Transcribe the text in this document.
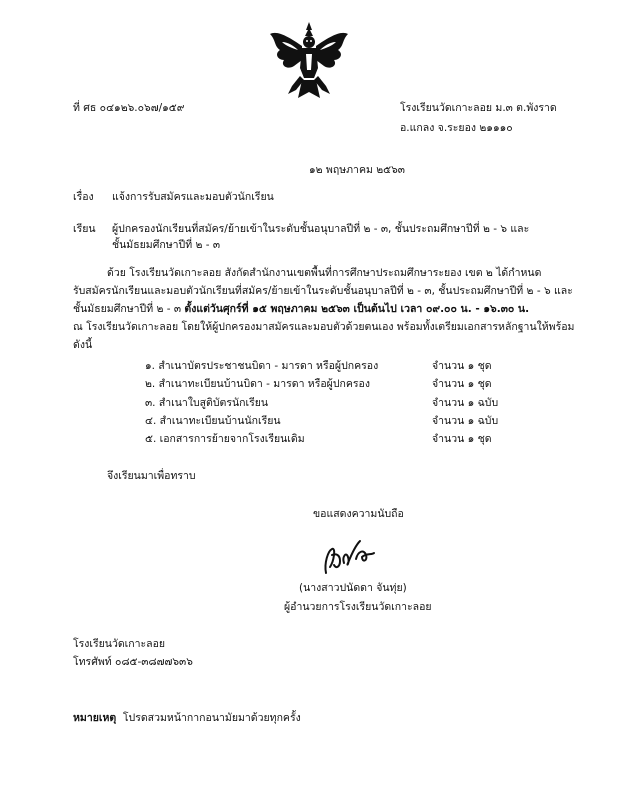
ที่ ศธ ๐๔๑๒๖.๐๖๗/๑๕๙	โรงเรียนวัดเกาะลอย ม.๓ ต.พังราด
อ.แกลง จ.ระยอง ๒๑๑๑๐
๑๒ พฤษภาคม ๒๕๖๓
เรื่อง แจ้งการรับสมัครและมอบตัวนักเรียน
เรียน ผู้ปกครองนักเรียนที่สมัคร/ย้ายเข้าในระดับชั้นอนุบาลปีที่ ๒ - ๓, ชั้นประถมศึกษาปีที่ ๒ - ๖ และ
ชั้นมัธยมศึกษาปีที่ ๒ - ๓
ด้วย โรงเรียนวัดเกาะลอย สังกัดสำนักงานเขตพื้นที่การศึกษาประถมศึกษาระยอง เขต ๒ ได้กำหนด
รับสมัครนักเรียนและมอบตัวนักเรียนที่สมัคร/ย้ายเข้าในระดับชั้นอนุบาลปีที่ ๒ - ๓, ชั้นประถมศึกษาปีที่ ๒ - ๖ และ
ชั้นมัธยมศึกษาปีที่ ๒ - ๓ ตั้งแต่วันศุกร์ที่ ๑๕ พฤษภาคม ๒๕๖๓ เป็นต้นไป เวลา ๐๙.๐๐ น. - ๑๖.๓๐ น.
ณ โรงเรียนวัดเกาะลอย โดยให้ผู้ปกครองมาสมัครและมอบตัวด้วยตนเอง พร้อมทั้งเตรียมเอกสารหลักฐานให้พร้อม
ดังนี้
๑. สำเนาบัตรประชาชนบิดา - มารดา หรือผู้ปกครอง	จำนวน ๑ ชุด
๒. สำเนาทะเบียนบ้านบิดา - มารดา หรือผู้ปกครอง	จำนวน ๑ ชุด
๓. สำเนาใบสูติบัตรนักเรียน	จำนวน ๑ ฉบับ
๔. สำเนาทะเบียนบ้านนักเรียน	จำนวน ๑ ฉบับ
๕. เอกสารการย้ายจากโรงเรียนเดิม	จำนวน ๑ ชุด
จึงเรียนมาเพื่อทราบ
ขอแสดงความนับถือ
(นางสาวปนัดดา จันทุ่ย)
ผู้อำนวยการโรงเรียนวัดเกาะลอย
โรงเรียนวัดเกาะลอย
โทรศัพท์ ๐๘๕-๓๘๗๗๖๓๖
หมายเหตุ โปรดสวมหน้ากากอนามัยมาด้วยทุกครั้ง
